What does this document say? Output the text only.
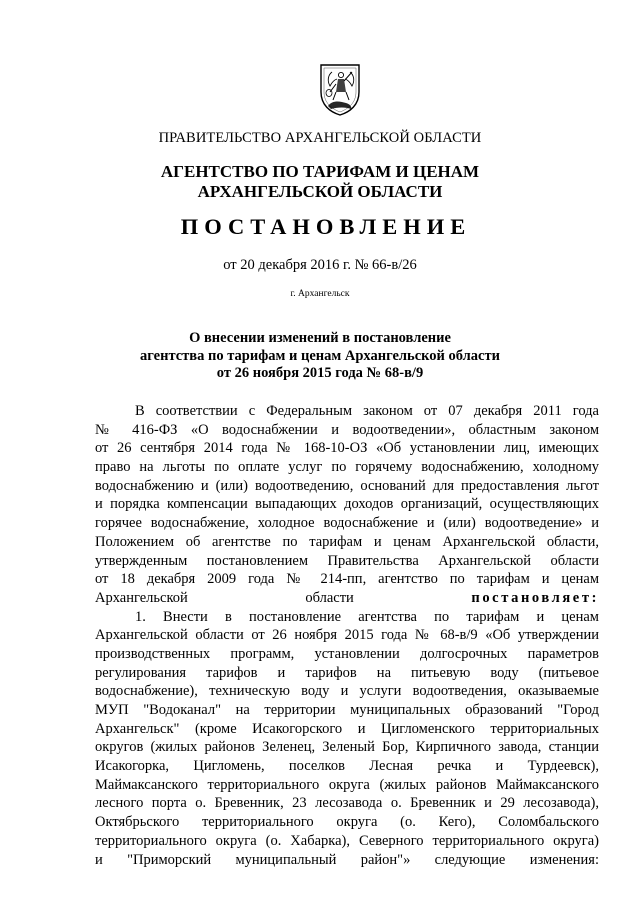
ПРАВИТЕЛЬСТВО АРХАНГЕЛЬСКОЙ ОБЛАСТИ
АГЕНТСТВО ПО ТАРИФАМ И ЦЕНАМ
АРХАНГЕЛЬСКОЙ ОБЛАСТИ
ПОСТАНОВЛЕНИЕ
от 20 декабря 2016 г. № 66-в/26
г. Архангельск
О внесении изменений в постановление
агентства по тарифам и ценам Архангельской области
от 26 ноября 2015 года № 68-в/9
В соответствии с Федеральным законом от 07 декабря 2011 года
№ 416-ФЗ «О водоснабжении и водоотведении», областным законом
от 26 сентября 2014 года № 168-10-ОЗ «Об установлении лиц, имеющих
право на льготы по оплате услуг по горячему водоснабжению, холодному
водоснабжению и (или) водоотведению, оснований для предоставления льгот
и порядка компенсации выпадающих доходов организаций, осуществляющих
горячее водоснабжение, холодное водоснабжение и (или) водоотведение» и
Положением об агентстве по тарифам и ценам Архангельской области,
утвержденным постановлением Правительства Архангельской области
от 18 декабря 2009 года № 214-пп, агентство по тарифам и ценам
Архангельской области постановляет:
1. Внести в постановление агентства по тарифам и ценам
Архангельской области от 26 ноября 2015 года № 68-в/9 «Об утверждении
производственных программ, установлении долгосрочных параметров
регулирования тарифов и тарифов на питьевую воду (питьевое
водоснабжение), техническую воду и услуги водоотведения, оказываемые
МУП "Водоканал" на территории муниципальных образований "Город
Архангельск" (кроме Исакогорского и Цигломенского территориальных
округов (жилых районов Зеленец, Зеленый Бор, Кирпичного завода, станции
Исакогорка, Цигломень, поселков Лесная речка и Турдеевск),
Маймаксанского территориального округа (жилых районов Маймаксанского
лесного порта о. Бревенник, 23 лесозавода о. Бревенник и 29 лесозавода),
Октябрьского территориального округа (о. Кего), Соломбальского
территориального округа (о. Хабарка), Северного территориального округа)
и "Приморский муниципальный район"» следующие изменения:
